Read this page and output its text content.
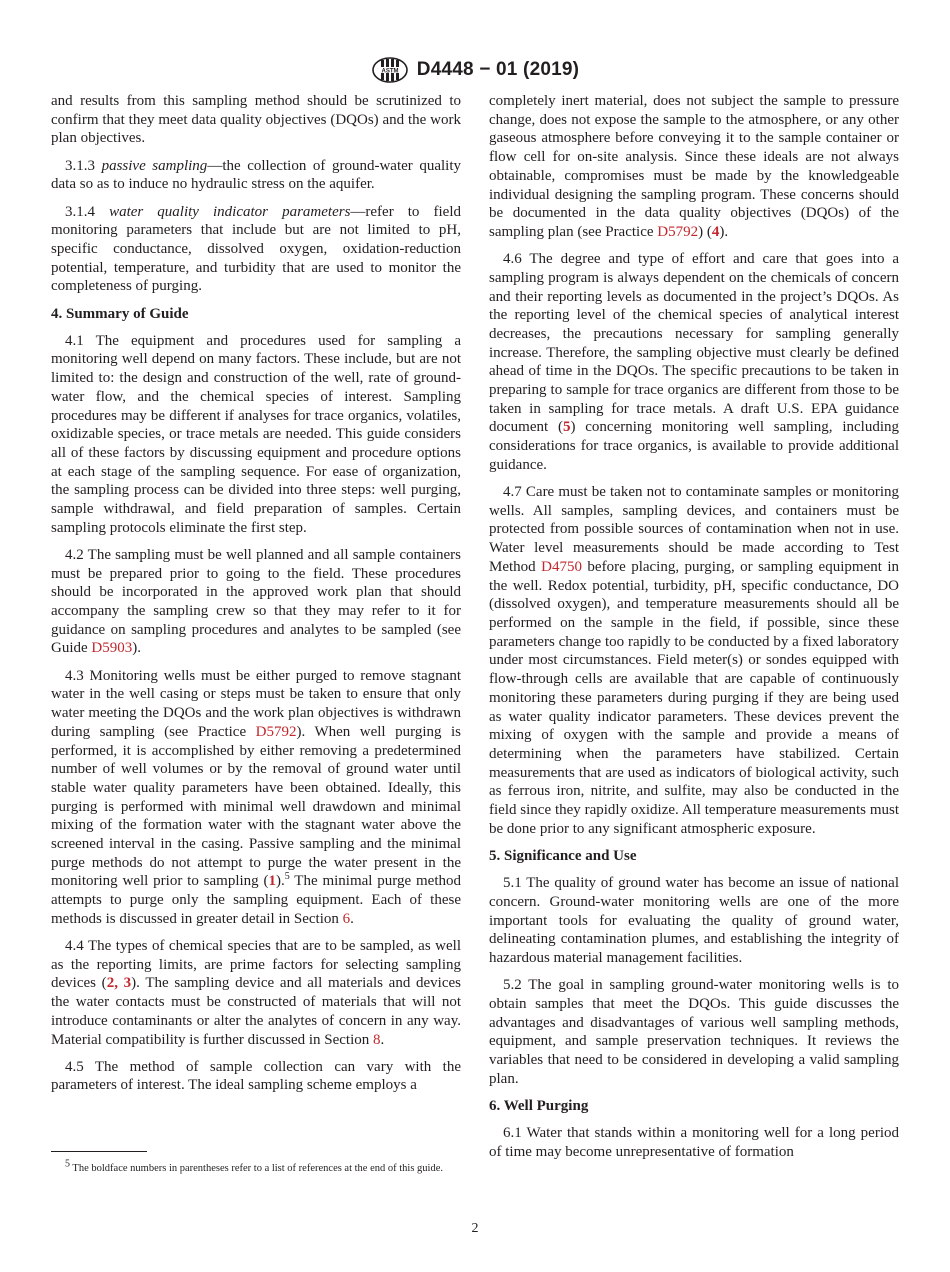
ASTM D4448 − 01 (2019)

and results from this sampling method should be scrutinized to confirm that they meet data quality objectives (DQOs) and the work plan objectives.

3.1.3 passive sampling—the collection of ground-water quality data so as to induce no hydraulic stress on the aquifer.

3.1.4 water quality indicator parameters—refer to field monitoring parameters that include but are not limited to pH, specific conductance, dissolved oxygen, oxidation-reduction potential, temperature, and turbidity that are used to monitor the completeness of purging.

4. Summary of Guide

4.1 The equipment and procedures used for sampling a monitoring well depend on many factors. These include, but are not limited to: the design and construction of the well, rate of ground-water flow, and the chemical species of interest. Sampling procedures may be different if analyses for trace organics, volatiles, oxidizable species, or trace metals are needed. This guide considers all of these factors by discussing equipment and procedure options at each stage of the sampling sequence. For ease of organization, the sampling process can be divided into three steps: well purging, sample withdrawal, and field preparation of samples. Certain sampling protocols eliminate the first step.

4.2 The sampling must be well planned and all sample containers must be prepared prior to going to the field. These procedures should be incorporated in the approved work plan that should accompany the sampling crew so that they may refer to it for guidance on sampling procedures and analytes to be sampled (see Guide D5903).

4.3 Monitoring wells must be either purged to remove stagnant water in the well casing or steps must be taken to ensure that only water meeting the DQOs and the work plan objectives is withdrawn during sampling (see Practice D5792). When well purging is performed, it is accomplished by either removing a predetermined number of well volumes or by the removal of ground water until stable water quality parameters have been obtained. Ideally, this purging is performed with minimal well drawdown and minimal mixing of the formation water with the stagnant water above the screened interval in the casing. Passive sampling and the minimal purge methods do not attempt to purge the water present in the monitoring well prior to sampling (1).$^5$ The minimal purge method attempts to purge only the sampling equipment. Each of these methods is discussed in greater detail in Section 6.

4.4 The types of chemical species that are to be sampled, as well as the reporting limits, are prime factors for selecting sampling devices (2, 3). The sampling device and all materials and devices the water contacts must be constructed of materials that will not introduce contaminants or alter the analytes of concern in any way. Material compatibility is further discussed in Section 8.

4.5 The method of sample collection can vary with the parameters of interest. The ideal sampling scheme employs a

completely inert material, does not subject the sample to pressure change, does not expose the sample to the atmosphere, or any other gaseous atmosphere before conveying it to the sample container or flow cell for on-site analysis. Since these ideals are not always obtainable, compromises must be made by the knowledgeable individual designing the sampling program. These concerns should be documented in the data quality objectives (DQOs) of the sampling plan (see Practice D5792) (4).

4.6 The degree and type of effort and care that goes into a sampling program is always dependent on the chemicals of concern and their reporting levels as documented in the project’s DQOs. As the reporting level of the chemical species of analytical interest decreases, the precautions necessary for sampling generally increase. Therefore, the sampling objective must clearly be defined ahead of time in the DQOs. The specific precautions to be taken in preparing to sample for trace organics are different from those to be taken in sampling for trace metals. A draft U.S. EPA guidance document (5) concerning monitoring well sampling, including considerations for trace organics, is available to provide additional guidance.

4.7 Care must be taken not to contaminate samples or monitoring wells. All samples, sampling devices, and containers must be protected from possible sources of contamination when not in use. Water level measurements should be made according to Test Method D4750 before placing, purging, or sampling equipment in the well. Redox potential, turbidity, pH, specific conductance, DO (dissolved oxygen), and temperature measurements should all be performed on the sample in the field, if possible, since these parameters change too rapidly to be conducted by a fixed laboratory under most circumstances. Field meter(s) or sondes equipped with flow-through cells are available that are capable of continuously monitoring these parameters during purging if they are being used as water quality indicator parameters. These devices prevent the mixing of oxygen with the sample and provide a means of determining when the parameters have stabilized. Certain measurements that are used as indicators of biological activity, such as ferrous iron, nitrite, and sulfite, may also be conducted in the field since they rapidly oxidize. All temperature measurements must be done prior to any significant atmospheric exposure.

5. Significance and Use

5.1 The quality of ground water has become an issue of national concern. Ground-water monitoring wells are one of the more important tools for evaluating the quality of ground water, delineating contamination plumes, and establishing the integrity of hazardous material management facilities.

5.2 The goal in sampling ground-water monitoring wells is to obtain samples that meet the DQOs. This guide discusses the advantages and disadvantages of various well sampling methods, equipment, and sample preservation techniques. It reviews the variables that need to be considered in developing a valid sampling plan.

6. Well Purging

6.1 Water that stands within a monitoring well for a long period of time may become unrepresentative of formation

$^5$ The boldface numbers in parentheses refer to a list of references at the end of this guide.
2
